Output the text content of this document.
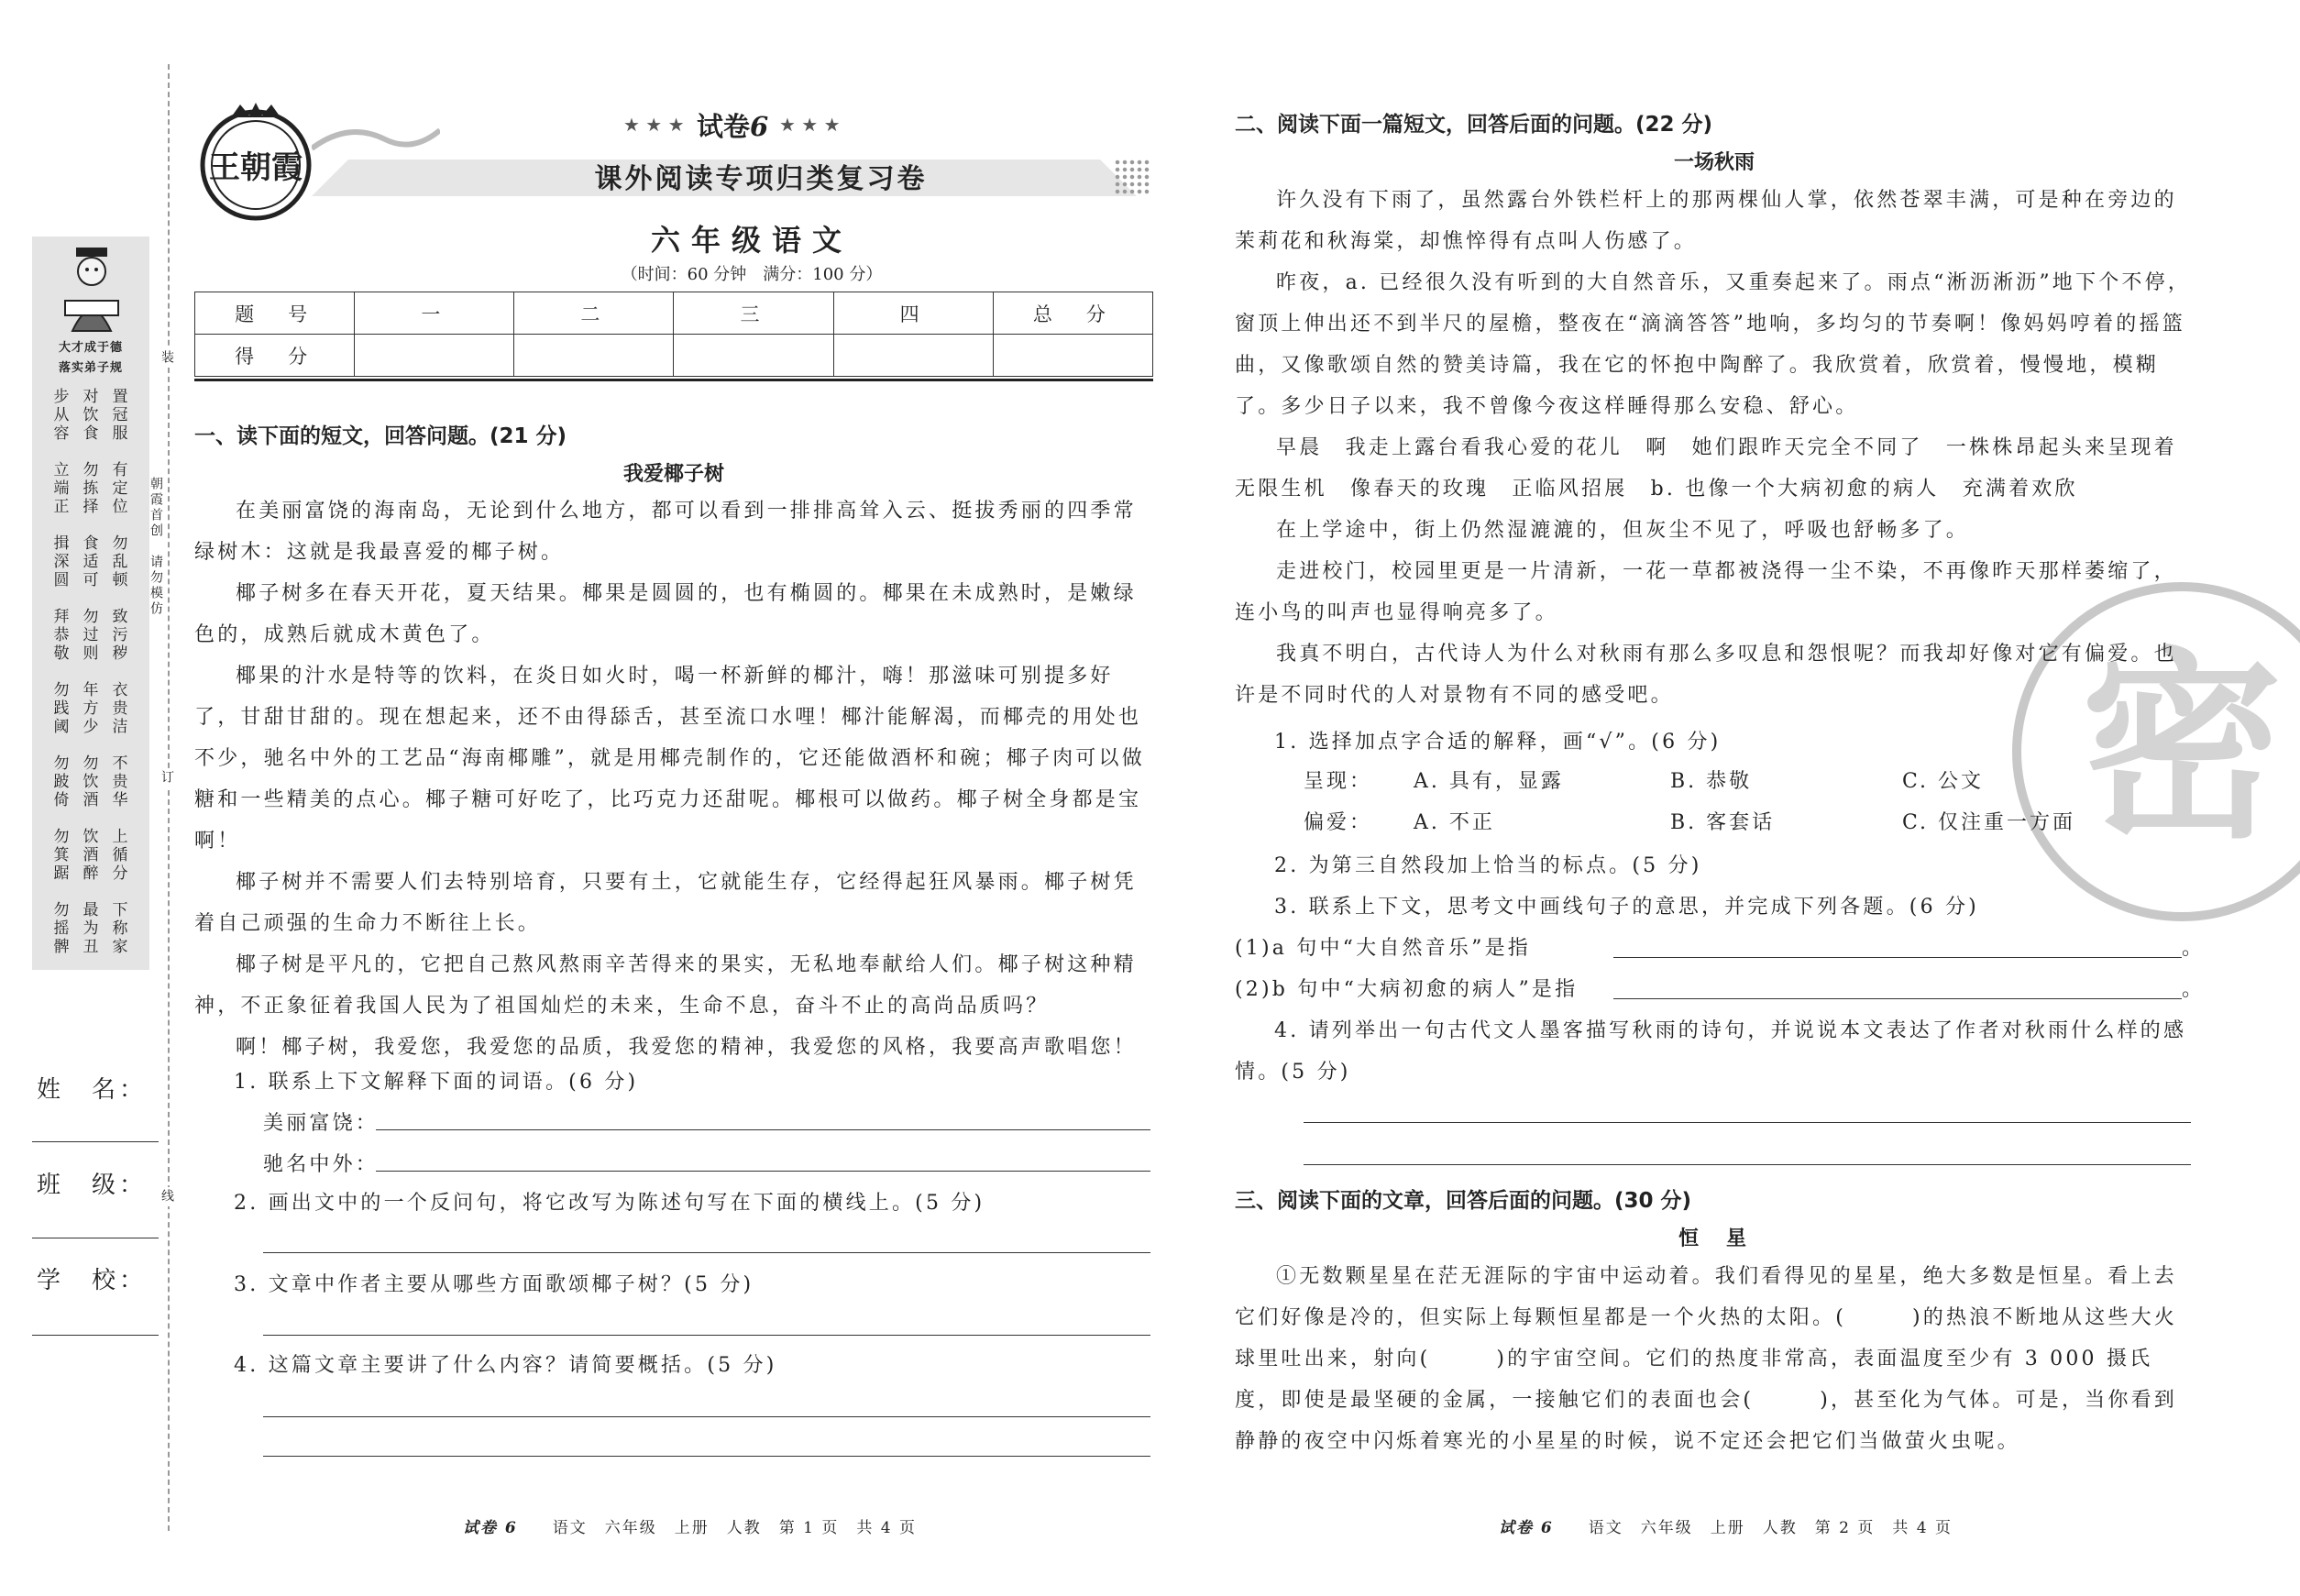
大才成于德
落实弟子规
步
从
容
立
端
正
揖
深
圆
拜
恭
敬
勿
践
阈
勿
跛
倚
勿
箕
踞
勿
摇
髀
对
饮
食
勿
拣
择
食
适
可
勿
过
则
年
方
少
勿
饮
酒
饮
酒
醉
最
为
丑
置
冠
服
有
定
位
勿
乱
顿
致
污
秽
衣
贵
洁
不
贵
华
上
循
分
下
称
家
装
朝霞首创　请勿模仿
订
线
姓　名：
班　级：
学　校：
王朝霞
★ ★ ★ 试卷6 ★ ★ ★
课外阅读专项归类复习卷
六年级语文
（时间：60 分钟　满分：100 分）
题　号	一	二	三	四	总　分
得　分					
一、读下面的短文，回答问题。(21 分)
我爱椰子树

在美丽富饶的海南岛，无论到什么地方，都可以看到一排排高耸入云、挺拔秀丽的四季常绿树木：这就是我最喜爱的椰子树。

椰子树多在春天开花，夏天结果。椰果是圆圆的，也有椭圆的。椰果在未成熟时，是嫩绿色的，成熟后就成木黄色了。

椰果的汁水是特等的饮料，在炎日如火时，喝一杯新鲜的椰汁，嗨！那滋味可别提多好了，甘甜甘甜的。现在想起来，还不由得舔舌，甚至流口水哩！椰汁能解渴，而椰壳的用处也不少，驰名中外的工艺品“海南椰雕”，就是用椰壳制作的，它还能做酒杯和碗；椰子肉可以做糖和一些精美的点心。椰子糖可好吃了，比巧克力还甜呢。椰根可以做药。椰子树全身都是宝啊！

椰子树并不需要人们去特别培育，只要有土，它就能生存，它经得起狂风暴雨。椰子树凭着自己顽强的生命力不断往上长。

椰子树是平凡的，它把自己熬风熬雨辛苦得来的果实，无私地奉献给人们。椰子树这种精神，不正象征着我国人民为了祖国灿烂的未来，生命不息，奋斗不止的高尚品质吗？

啊！椰子树，我爱您，我爱您的品质，我爱您的精神，我爱您的风格，我要高声歌唱您！

1. 联系上下文解释下面的词语。(6 分)
美丽富饶：
驰名中外：
2. 画出文中的一个反问句，将它改写为陈述句写在下面的横线上。(5 分)
3. 文章中作者主要从哪些方面歌颂椰子树？(5 分)
4. 这篇文章主要讲了什么内容？请简要概括。(5 分)
试卷 6　　 语文　六年级　上册　人教　第 1 页　共 4 页
密
二、阅读下面一篇短文，回答后面的问题。(22 分)
一场秋雨

许久没有下雨了，虽然露台外铁栏杆上的那两棵仙人掌，依然苍翠丰满，可是种在旁边的茉莉花和秋海棠，却憔悴得有点叫人伤感了。

昨夜，a. 已经很久没有听到的大自然音乐，又重奏起来了。雨点“淅沥淅沥”地下个不停，窗顶上伸出还不到半尺的屋檐，整夜在“滴滴答答”地响，多均匀的节奏啊！像妈妈哼着的摇篮曲，又像歌颂自然的赞美诗篇，我在它的怀抱中陶醉了。我欣赏着，欣赏着，慢慢地，模糊了。多少日子以来，我不曾像今夜这样睡得那么安稳、舒心。

早晨　我走上露台看我心爱的花儿　啊　她们跟昨天完全不同了　一株株昂起头来呈现着无限生机　像春天的玫瑰　正临风招展　b. 也像一个大病初愈的病人　充满着欢欣

在上学途中，街上仍然湿漉漉的，但灰尘不见了，呼吸也舒畅多了。

走进校门，校园里更是一片清新，一花一草都被浇得一尘不染，不再像昨天那样萎缩了，连小鸟的叫声也显得响亮多了。

我真不明白，古代诗人为什么对秋雨有那么多叹息和怨恨呢？而我却好像对它有偏爱。也许是不同时代的人对景物有不同的感受吧。

1. 选择加点字合适的解释，画“√”。(6 分)
呈现： A. 具有，显露	B. 恭敬	C. 公文
偏爱： A. 不正	B. 客套话	C. 仅注重一方面
2. 为第三自然段加上恰当的标点。(5 分)
3. 联系上下文，思考文中画线句子的意思，并完成下列各题。(6 分)
(1)a 句中“大自然音乐”是指	。
(2)b 句中“大病初愈的病人”是指	。
4. 请列举出一句古代文人墨客描写秋雨的诗句，并说说本文表达了作者对秋雨什么样的感情。(5 分)
三、阅读下面的文章，回答后面的问题。(30 分)
恒　星

①无数颗星星在茫无涯际的宇宙中运动着。我们看得见的星星，绝大多数是恒星。看上去它们好像是冷的，但实际上每颗恒星都是一个火热的太阳。(	)的热浪不断地从这些大火球里吐出来，射向(	)的宇宙空间。它们的热度非常高，表面温度至少有 3 000 摄氏度，即使是最坚硬的金属，一接触它们的表面也会(	)，甚至化为气体。可是，当你看到静静的夜空中闪烁着寒光的小星星的时候，说不定还会把它们当做萤火虫呢。

试卷 6　　 语文　六年级　上册　人教　第 2 页　共 4 页
